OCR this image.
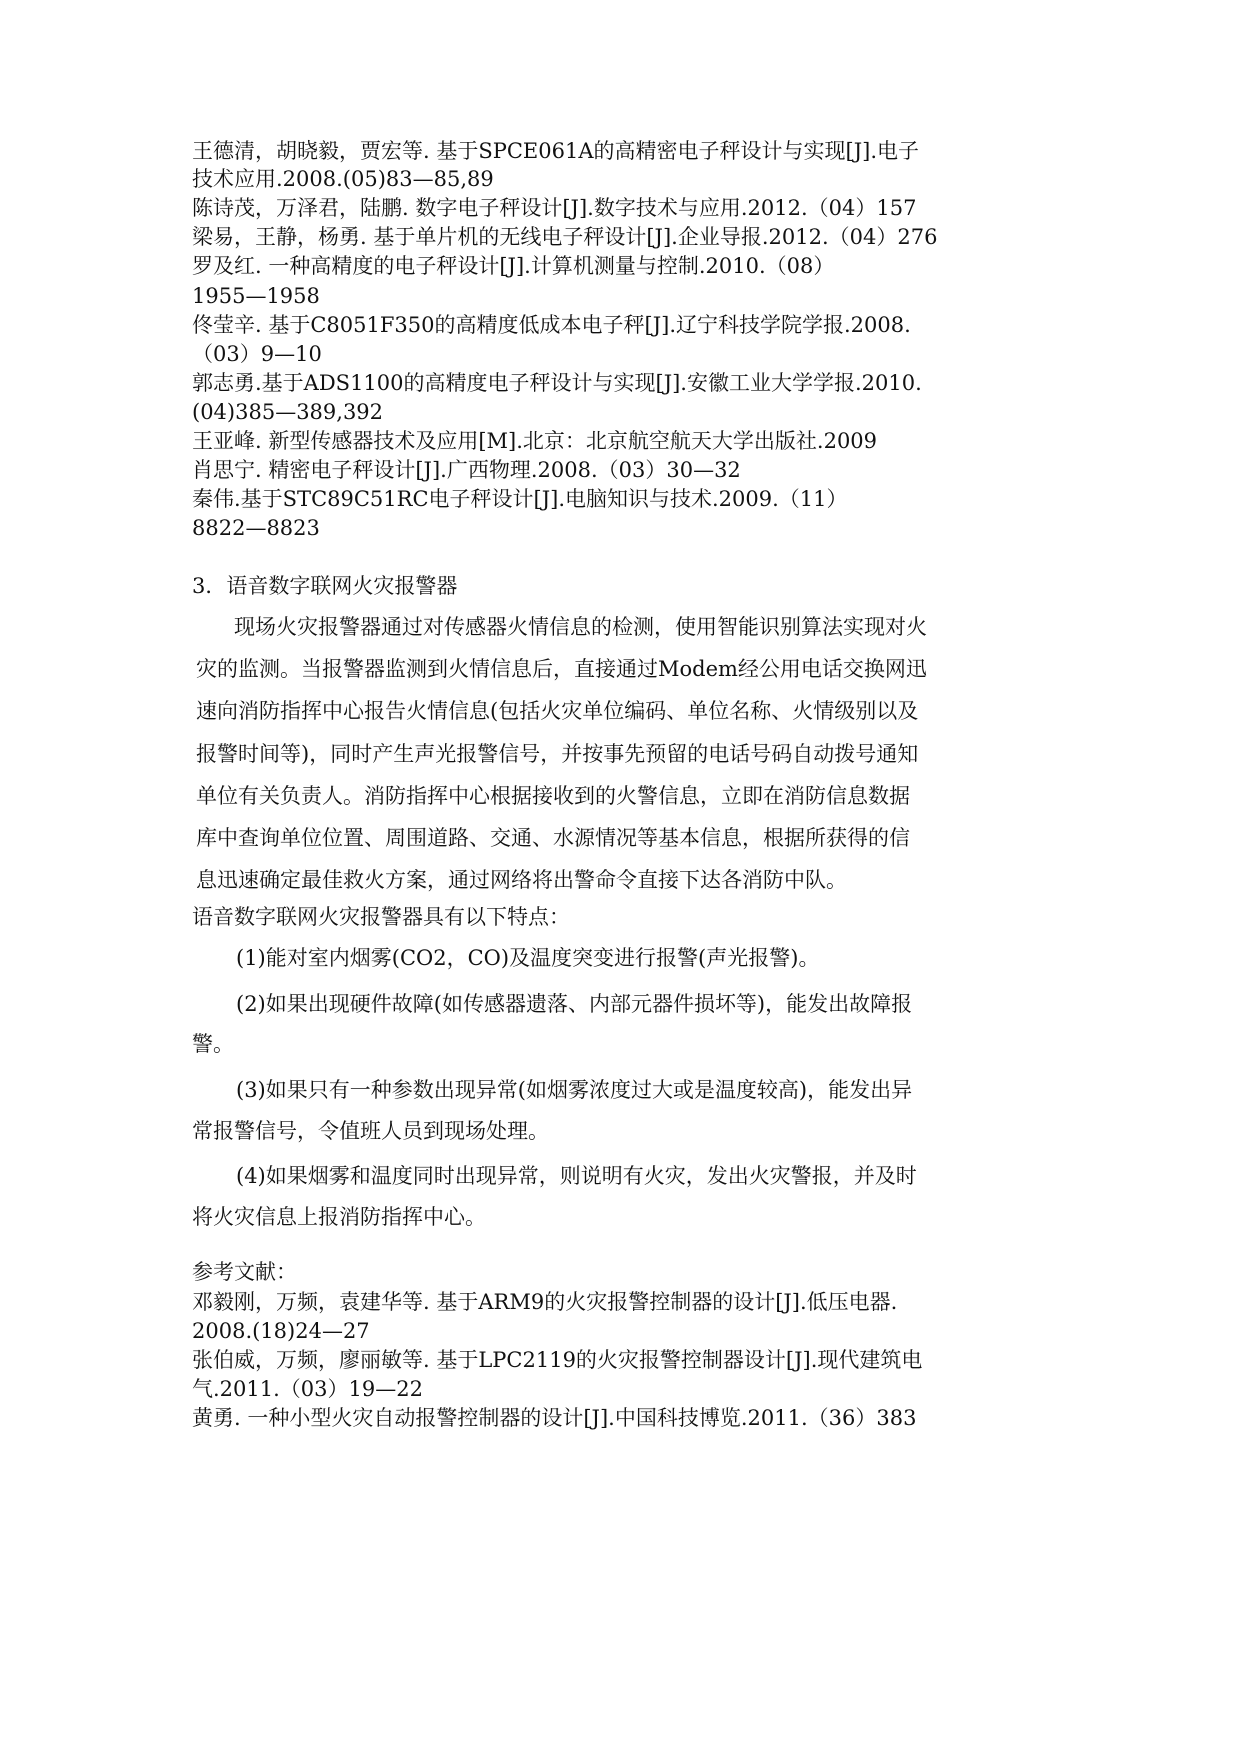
王德清，胡晓毅，贾宏等. 基于SPCE061A的高精密电子秤设计与实现[J].电子

技术应用.2008.(05)83—85,89

陈诗茂，万泽君，陆鹏. 数字电子秤设计[J].数字技术与应用.2012.（04）157

梁易，王静，杨勇. 基于单片机的无线电子秤设计[J].企业导报.2012.（04）276

罗及红. 一种高精度的电子秤设计[J].计算机测量与控制.2010.（08）

1955—1958

佟莹辛. 基于C8051F350的高精度低成本电子秤[J].辽宁科技学院学报.2008.

（03）9—10

郭志勇.基于ADS1100的高精度电子秤设计与实现[J].安徽工业大学学报.2010.

(04)385—389,392

王亚峰. 新型传感器技术及应用[M].北京：北京航空航天大学出版社.2009

肖思宁. 精密电子秤设计[J].广西物理.2008.（03）30—32

秦伟.基于STC89C51RC电子秤设计[J].电脑知识与技术.2009.（11）

8822—8823

3．语音数字联网火灾报警器

现场火灾报警器通过对传感器火情信息的检测，使用智能识别算法实现对火

灾的监测。当报警器监测到火情信息后，直接通过Modem经公用电话交换网迅

速向消防指挥中心报告火情信息(包括火灾单位编码、单位名称、火情级别以及

报警时间等)，同时产生声光报警信号，并按事先预留的电话号码自动拨号通知

单位有关负责人。消防指挥中心根据接收到的火警信息，立即在消防信息数据

库中查询单位位置、周围道路、交通、水源情况等基本信息，根据所获得的信

息迅速确定最佳救火方案，通过网络将出警命令直接下达各消防中队。

语音数字联网火灾报警器具有以下特点：

(1)能对室内烟雾(CO2，CO)及温度突变进行报警(声光报警)。

(2)如果出现硬件故障(如传感器遗落、内部元器件损坏等)，能发出故障报

警。

(3)如果只有一种参数出现异常(如烟雾浓度过大或是温度较高)，能发出异

常报警信号，令值班人员到现场处理。

(4)如果烟雾和温度同时出现异常，则说明有火灾，发出火灾警报，并及时

将火灾信息上报消防指挥中心。

参考文献：

邓毅刚，万频，袁建华等. 基于ARM9的火灾报警控制器的设计[J].低压电器.

2008.(18)24—27

张伯威，万频，廖丽敏等. 基于LPC2119的火灾报警控制器设计[J].现代建筑电

气.2011.（03）19—22

黄勇. 一种小型火灾自动报警控制器的设计[J].中国科技博览.2011.（36）383
